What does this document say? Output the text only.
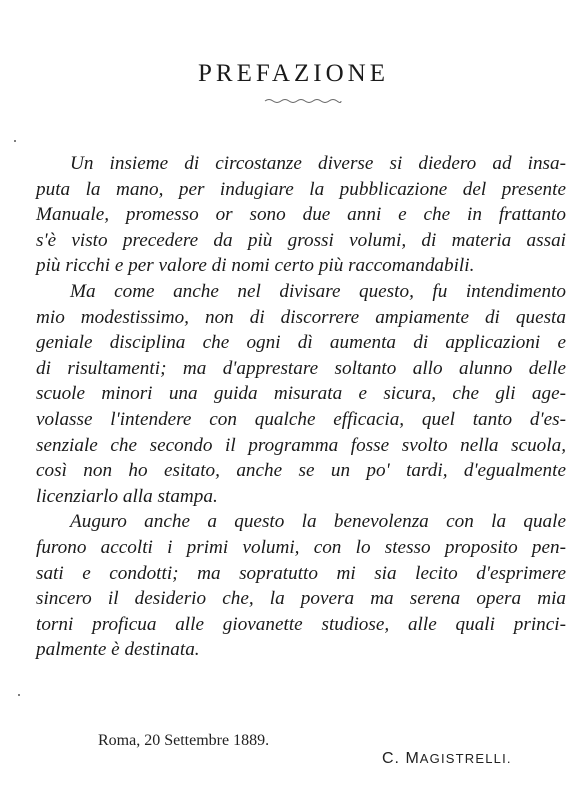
PREFAZIONE
Un insieme di circostanze diverse si diedero ad insa-
puta la mano, per indugiare la pubblicazione del presente
Manuale, promesso or sono due anni e che in frattanto
s'è visto precedere da più grossi volumi, di materia assai
più ricchi e per valore di nomi certo più raccomandabili.
Ma come anche nel divisare questo, fu intendimento
mio modestissimo, non di discorrere ampiamente di questa
geniale disciplina che ogni dì aumenta di applicazioni e
di risultamenti; ma d'apprestare soltanto allo alunno delle
scuole minori una guida misurata e sicura, che gli age-
volasse l'intendere con qualche efficacia, quel tanto d'es-
senziale che secondo il programma fosse svolto nella scuola,
così non ho esitato, anche se un po' tardi, d'egualmente
licenziarlo alla stampa.
Auguro anche a questo la benevolenza con la quale
furono accolti i primi volumi, con lo stesso proposito pen-
sati e condotti; ma sopratutto mi sia lecito d'esprimere
sincero il desiderio che, la povera ma serena opera mia
torni proficua alle giovanette studiose, alle quali princi-
palmente è destinata.

Roma, 20 Settembre 1889.

C. MAGISTRELLI.
